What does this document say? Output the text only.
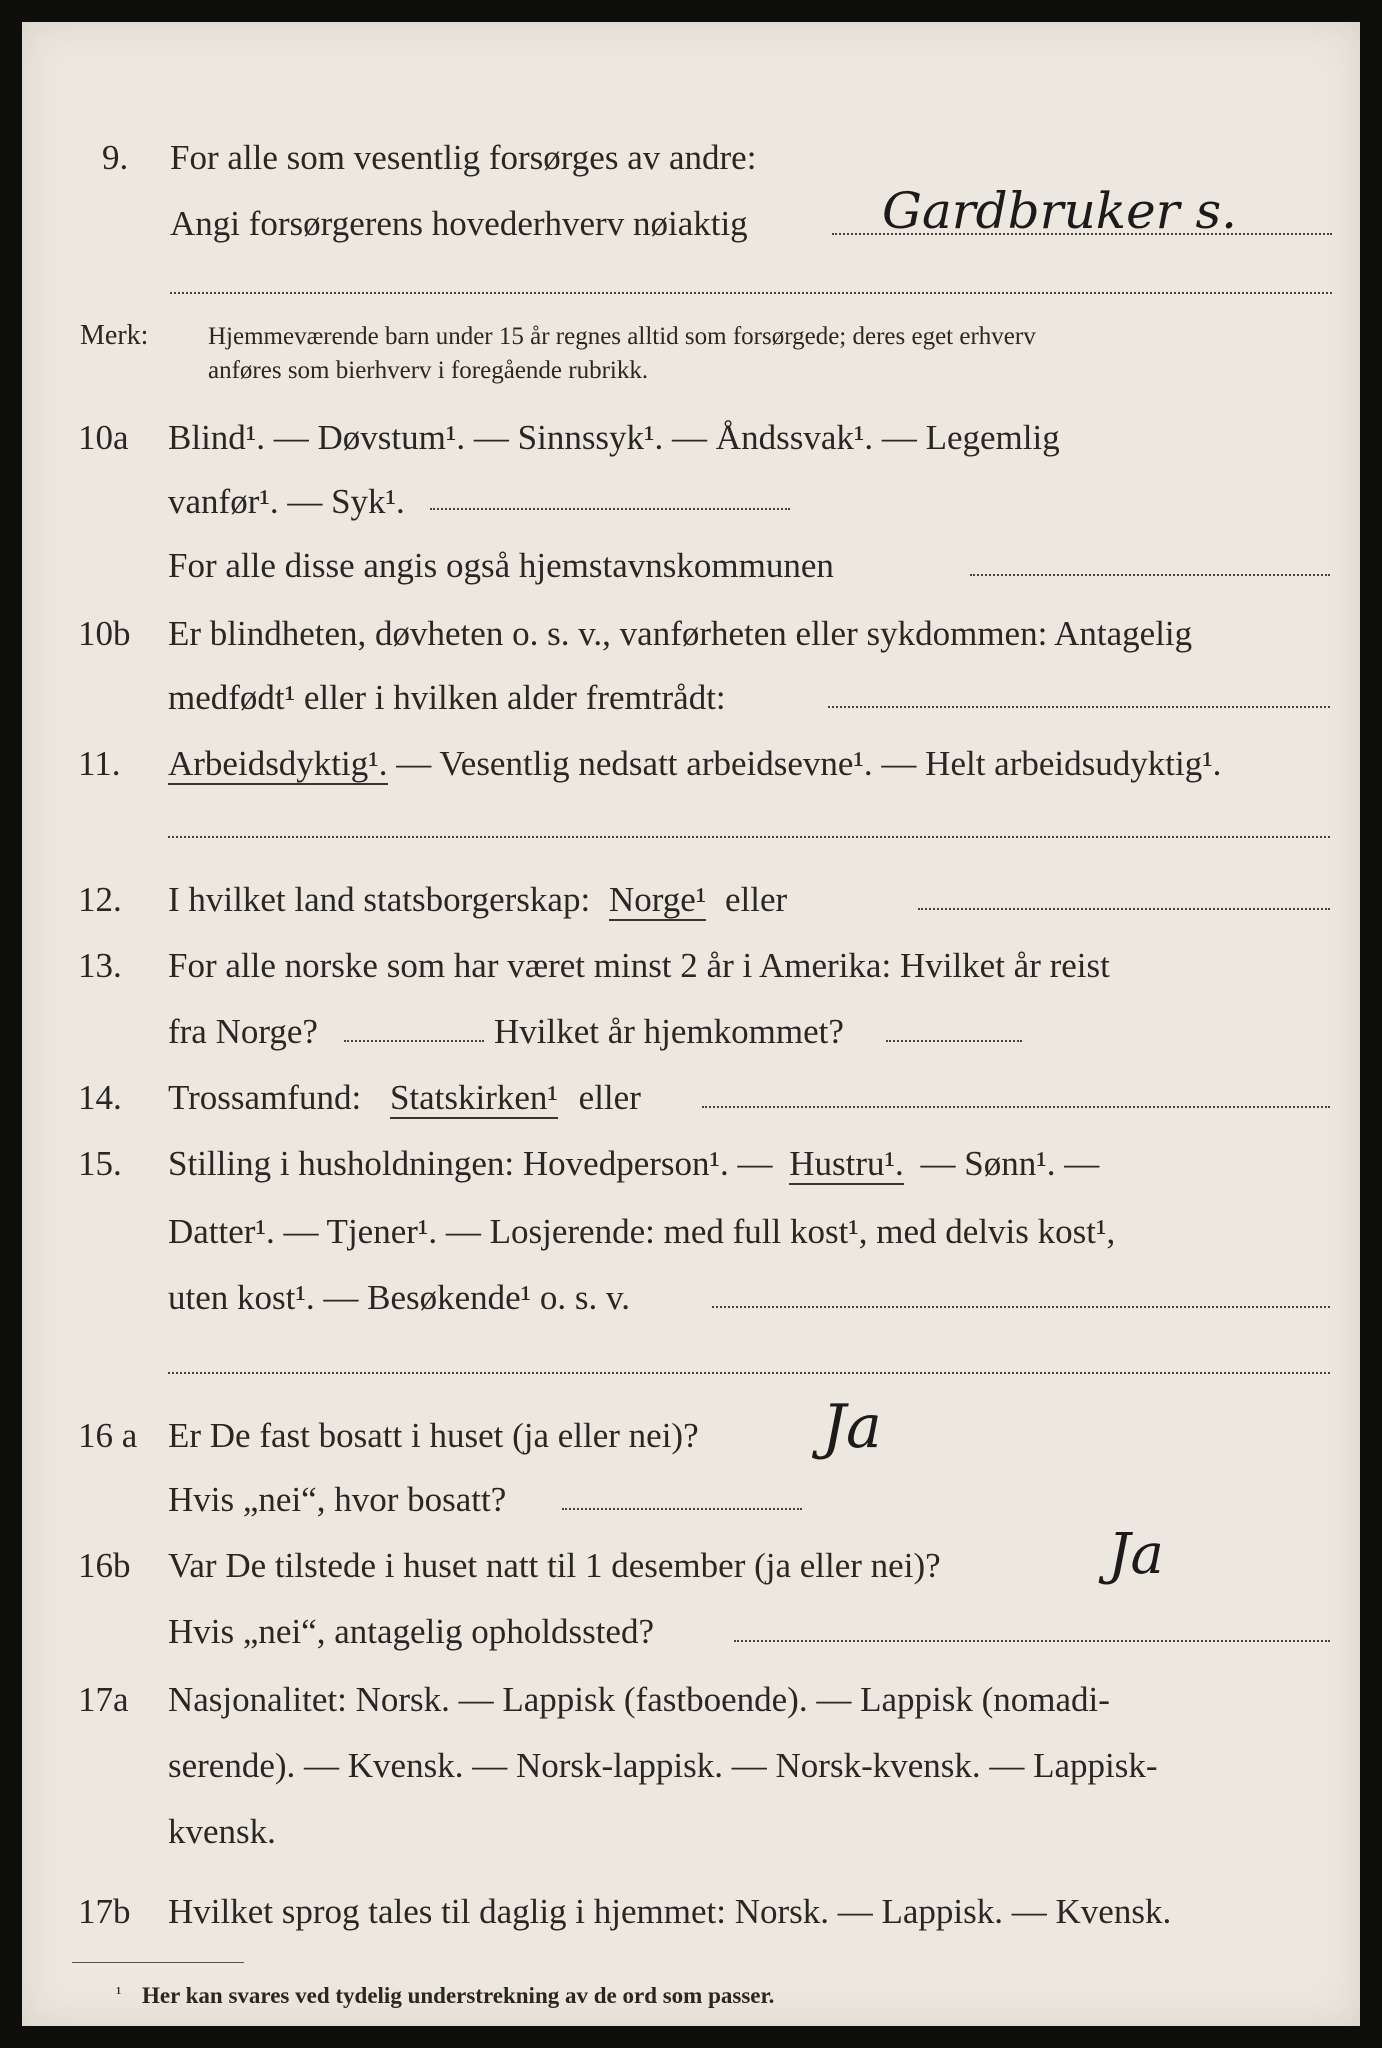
9. For alle som vesentlig forsørges av andre:
Angi forsørgerens hovederhverv nøiaktig	Gardbruker s.
Merk: Hjemmeværende barn under 15 år regnes alltid som forsørgede; deres eget erhverv
anføres som bierhverv i foregående rubrikk.
10a Blind¹. — Døvstum¹. — Sinnssyk¹. — Åndssvak¹. — Legemlig
vanfør¹. — Syk¹.
For alle disse angis også hjemstavnskommunen
10b Er blindheten, døvheten o. s. v., vanførheten eller sykdommen: Antagelig
medfødt¹ eller i hvilken alder fremtrådt:
11. Arbeidsdyktig¹. — Vesentlig nedsatt arbeidsevne¹. — Helt arbeidsudyktig¹.
12. I hvilket land statsborgerskap: Norge¹ eller
13. For alle norske som har været minst 2 år i Amerika: Hvilket år reist
fra Norge?	Hvilket år hjemkommet?
14. Trossamfund: Statskirken¹ eller
15. Stilling i husholdningen: Hovedperson¹. — Hustru¹. — Sønn¹. —
Datter¹. — Tjener¹. — Losjerende: med full kost¹, med delvis kost¹,
uten kost¹. — Besøkende¹ o. s. v.
16 a Er De fast bosatt i huset (ja eller nei)? Ja
Hvis „nei“, hvor bosatt?
16b Var De tilstede i huset natt til 1 desember (ja eller nei)?	Ja
Hvis „nei“, antagelig opholdssted?
17a Nasjonalitet: Norsk. — Lappisk (fastboende). — Lappisk (nomadi-
serende). — Kvensk. — Norsk-lappisk. — Norsk-kvensk. — Lappisk-
kvensk.
17b Hvilket sprog tales til daglig i hjemmet: Norsk. — Lappisk. — Kvensk.
¹ Her kan svares ved tydelig understrekning av de ord som passer.
